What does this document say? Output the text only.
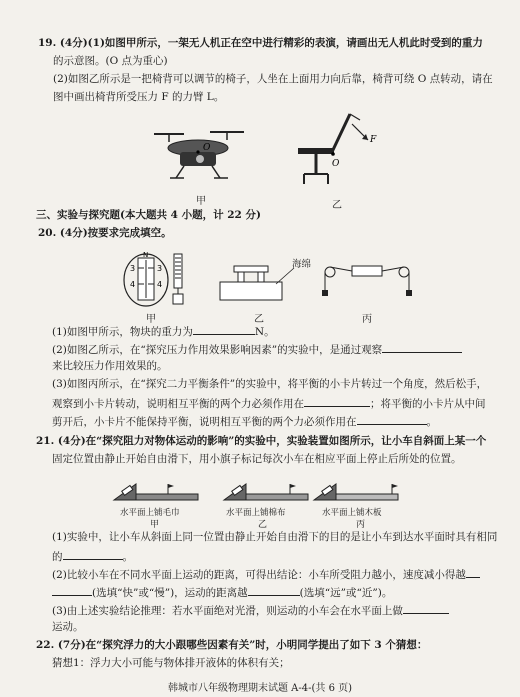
19. (4分)(1)如图甲所示，一架无人机正在空中进行精彩的表演，请画出无人机此时受到的重力
的示意图。(O 点为重心)
(2)如图乙所示是一把椅背可以调节的椅子，人坐在上面用力向后靠，椅背可绕 O 点转动，请在
图中画出椅背所受压力 F 的力臂 L。
O
甲
F
O
乙
三、实验与探究题(本大题共 4 小题，计 22 分)
20. (4分)按要求完成填空。
3	3
4	4
N
甲
海绵
乙	丙
(1)如图甲所示，物块的重力为	N。
(2)如图乙所示，在“探究压力作用效果影响因素”的实验中，是通过观察
来比较压力作用效果的。
(3)如图丙所示，在“探究二力平衡条件”的实验中，将平衡的小卡片转过一个角度，然后松手，
观察到小卡片转动，说明相互平衡的两个力必须作用在	；将平衡的小卡片从中间
剪开后，小卡片不能保持平衡，说明相互平衡的两个力必须作用在	。
21. (4分)在“探究阻力对物体运动的影响”的实验中，实验装置如图所示，让小车自斜面上某一个
固定位置由静止开始自由滑下，用小旗子标记每次小车在相应平面上停止后所处的位置。
水平面上铺毛巾	水平面上铺棉布	水平面上铺木板
甲	乙	丙
(1)实验中，让小车从斜面上同一位置由静止开始自由滑下的目的是让小车到达水平面时具有相同
的	。
(2)比较小车在不同水平面上运动的距离，可得出结论：小车所受阻力越小，速度减小得越
(选填“快”或“慢”)，运动的距离越	(选填“远”或“近”)。
(3)由上述实验结论推理：若水平面绝对光滑，则运动的小车会在水平面上做
运动。
22. (7分)在“探究浮力的大小跟哪些因素有关”时，小明同学提出了如下 3 个猜想：
猜想1：浮力大小可能与物体排开液体的体积有关；
韩城市八年级物理期末试题 A-4-(共 6 页)
